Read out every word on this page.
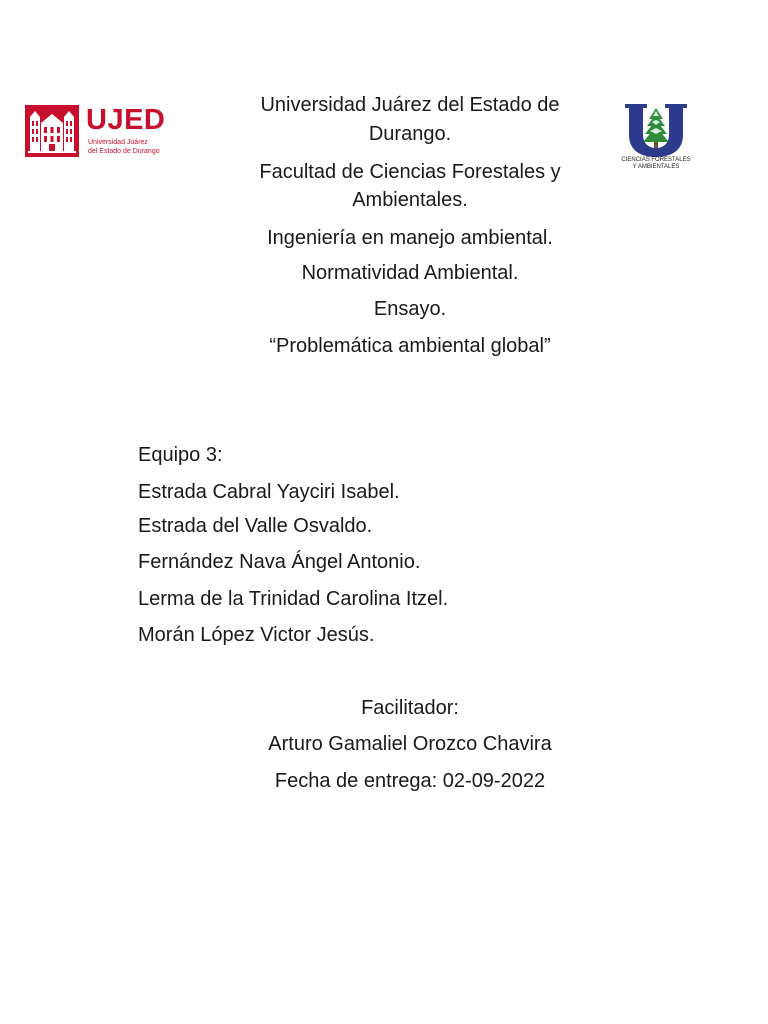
UJED
Universidad Juárez
del Estado de Durango
CIENCIAS FORESTALES
Y AMBIENTALES
Universidad Juárez del Estado de
Durango.
Facultad de Ciencias Forestales y
Ambientales.
Ingeniería en manejo ambiental.
Normatividad Ambiental.
Ensayo.
“Problemática ambiental global”
Equipo 3:
Estrada Cabral Yayciri Isabel.
Estrada del Valle Osvaldo.
Fernández Nava Ángel Antonio.
Lerma de la Trinidad Carolina Itzel.
Morán López Victor Jesús.
Facilitador:
Arturo Gamaliel Orozco Chavira
Fecha de entrega: 02-09-2022
